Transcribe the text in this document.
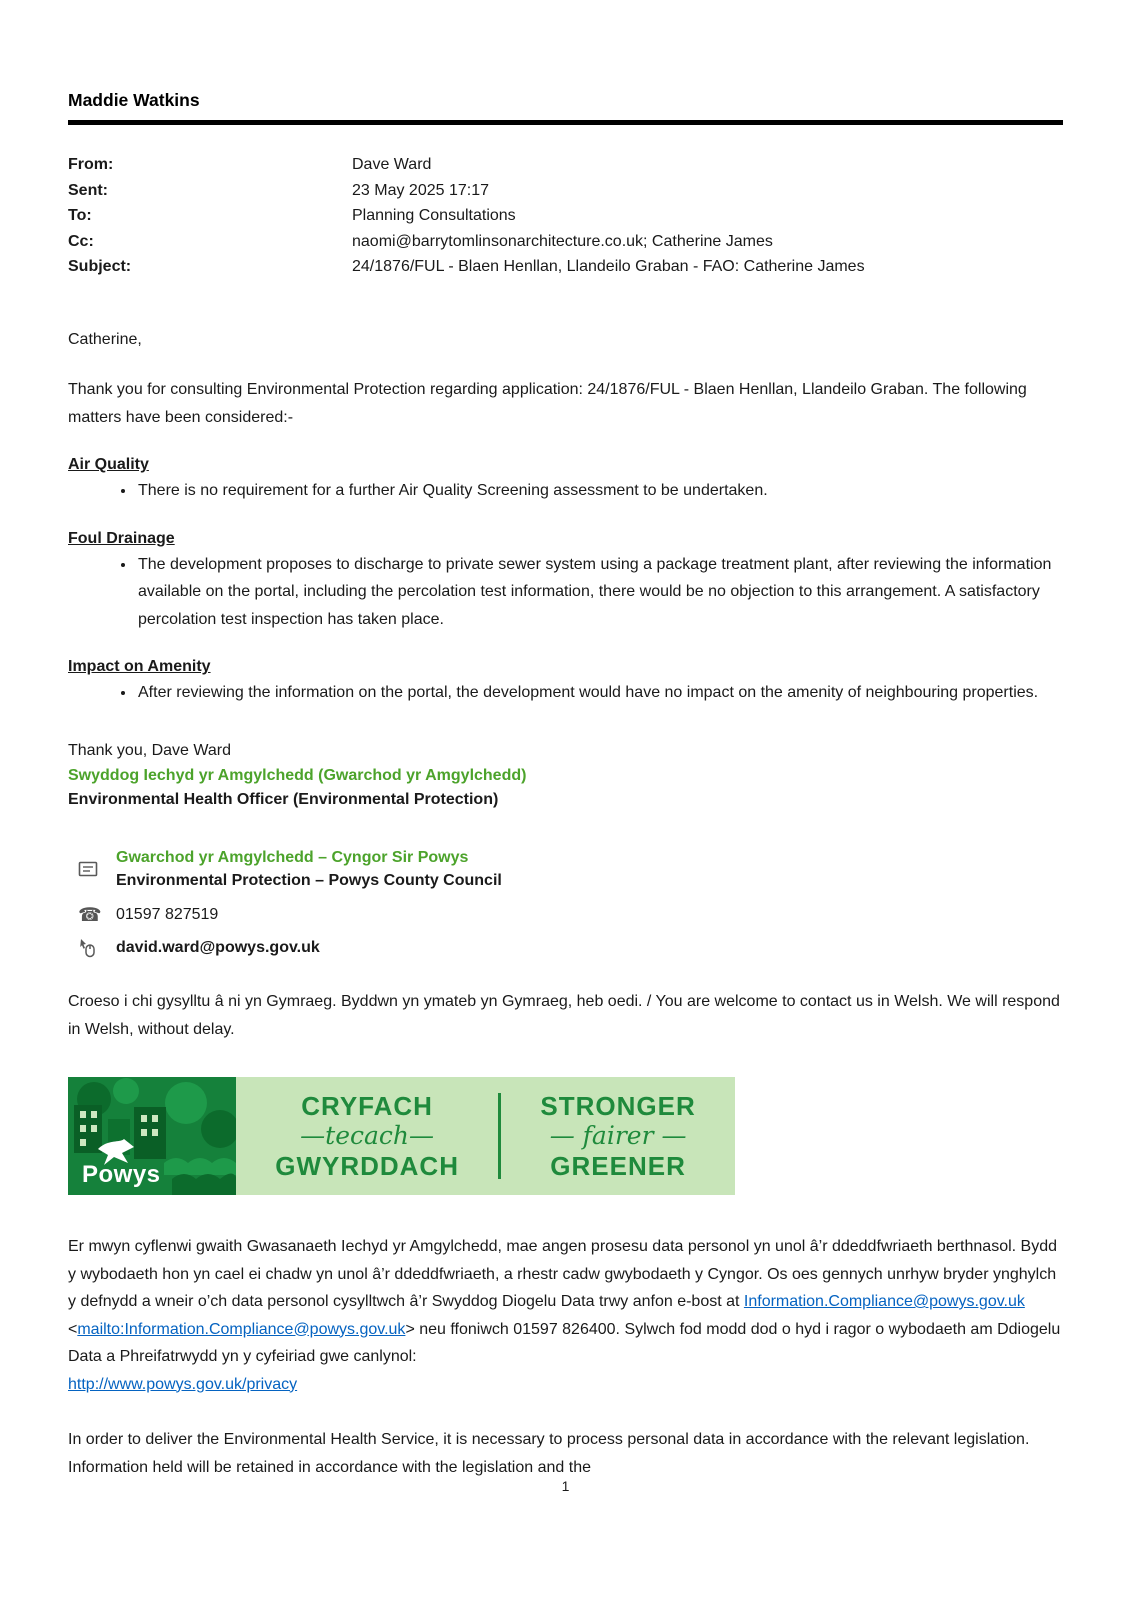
Maddie Watkins
From:	Dave Ward
Sent:	23 May 2025 17:17
To:	Planning Consultations
Cc:	naomi@barrytomlinsonarchitecture.co.uk; Catherine James
Subject:	24/1876/FUL - Blaen Henllan, Llandeilo Graban - FAO: Catherine James

Catherine,

Thank you for consulting Environmental Protection regarding application: 24/1876/FUL - Blaen Henllan, Llandeilo Graban. The following matters have been considered:-

Air Quality
• There is no requirement for a further Air Quality Screening assessment to be undertaken.
Foul Drainage
• The development proposes to discharge to private sewer system using a package treatment plant, after reviewing the information available on the portal, including the percolation test information, there would be no objection to this arrangement. A satisfactory percolation test inspection has taken place.
Impact on Amenity
• After reviewing the information on the portal, the development would have no impact on the amenity of neighbouring properties.
Thank you, Dave Ward
Swyddog Iechyd yr Amgylchedd (Gwarchod yr Amgylchedd)
Environmental Health Officer (Environmental Protection)
Gwarchod yr Amgylchedd – Cyngor Sir Powys
Environmental Protection – Powys County Council
☎ 01597 827519
david.ward@powys.gov.uk

Croeso i chi gysylltu â ni yn Gymraeg. Byddwn yn ymateb yn Gymraeg, heb oedi. / You are welcome to contact us in Welsh. We will respond in Welsh, without delay.

Powys
CRYFACH
—tecach—
GWYRDDACH
STRONGER
— fairer —
GREENER

Er mwyn cyflenwi gwaith Gwasanaeth Iechyd yr Amgylchedd, mae angen prosesu data personol yn unol â’r ddeddfwriaeth berthnasol. Bydd y wybodaeth hon yn cael ei chadw yn unol â’r ddeddfwriaeth, a rhestr cadw gwybodaeth y Cyngor. Os oes gennych unrhyw bryder ynghylch y defnydd a wneir o’ch data personol cysylltwch â’r Swyddog Diogelu Data trwy anfon e-bost at Information.Compliance@powys.gov.uk <mailto:Information.Compliance@powys.gov.uk> neu ffoniwch 01597 826400. Sylwch fod modd dod o hyd i ragor o wybodaeth am Ddiogelu Data a Phreifatrwydd yn y cyfeiriad gwe canlynol:
http://www.powys.gov.uk/privacy

In order to deliver the Environmental Health Service, it is necessary to process personal data in accordance with the relevant legislation. Information held will be retained in accordance with the legislation and the

1
